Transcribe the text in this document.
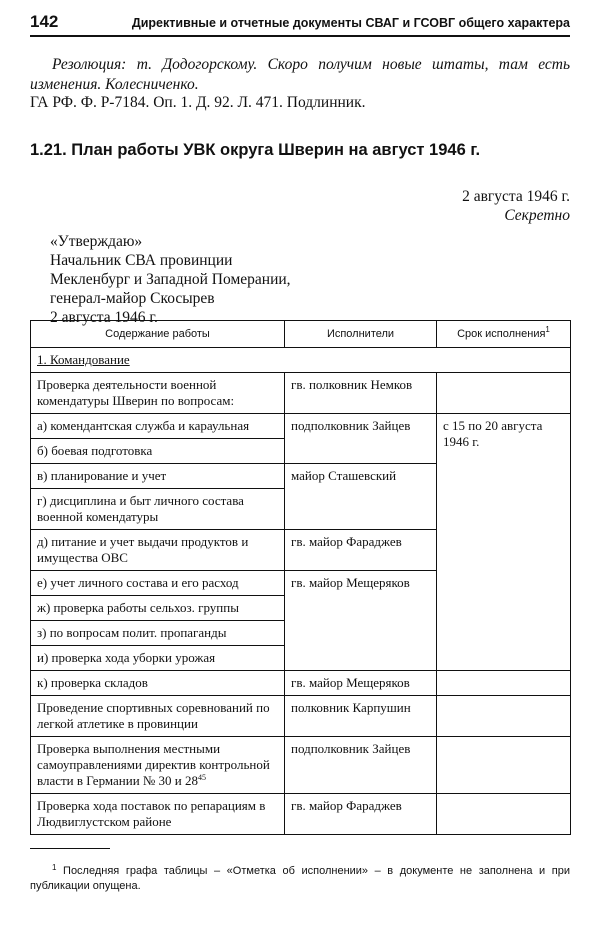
142	Директивные и отчетные документы СВАГ и ГСОВГ общего характера
Резолюция: т. Додогорскому. Скоро получим новые штаты, там есть изменения. Колесниченко.
ГА РФ. Ф. Р-7184. Оп. 1. Д. 92. Л. 471. Подлинник.
1.21. План работы УВК округа Шверин на август 1946 г.
2 августа 1946 г.
Секретно
«Утверждаю»
Начальник СВА провинции
Мекленбург и Западной Померании,
генерал-майор Скосырев
2 августа 1946 г.
Содержание работы	Исполнители	Срок исполнения$^1$
1. Командование		
Проверка деятельности военной комендатуры Шверин по вопросам:	гв. полковник Немков	
а) комендантская служба и караульная	подполковник Зайцев	с 15 по 20 августа 1946 г.
б) боевая подготовка		
в) планирование и учет	майор Сташевский	
г) дисциплина и быт личного состава военной комендатуры		
д) питание и учет выдачи продуктов и имущества ОВС	гв. майор Фараджев	
е) учет личного состава и его расход	гв. майор Мещеряков	
ж) проверка работы сельхоз. группы		
з) по вопросам полит. пропаганды		
и) проверка хода уборки урожая		
к) проверка складов	гв. майор Мещеряков	
Проведение спортивных соревнований по легкой атлетике в провинции	полковник Карпушин	
Проверка выполнения местными самоуправлениями директив контрольной власти в Германии № 30 и $28^{45}$	подполковник Зайцев	
Проверка хода поставок по репарациям в Людвиглустском районе	гв. майор Фараджев	
$^1$ Последняя графа таблицы – «Отметка об исполнении» – в документе не заполнена и при публикации опущена.
